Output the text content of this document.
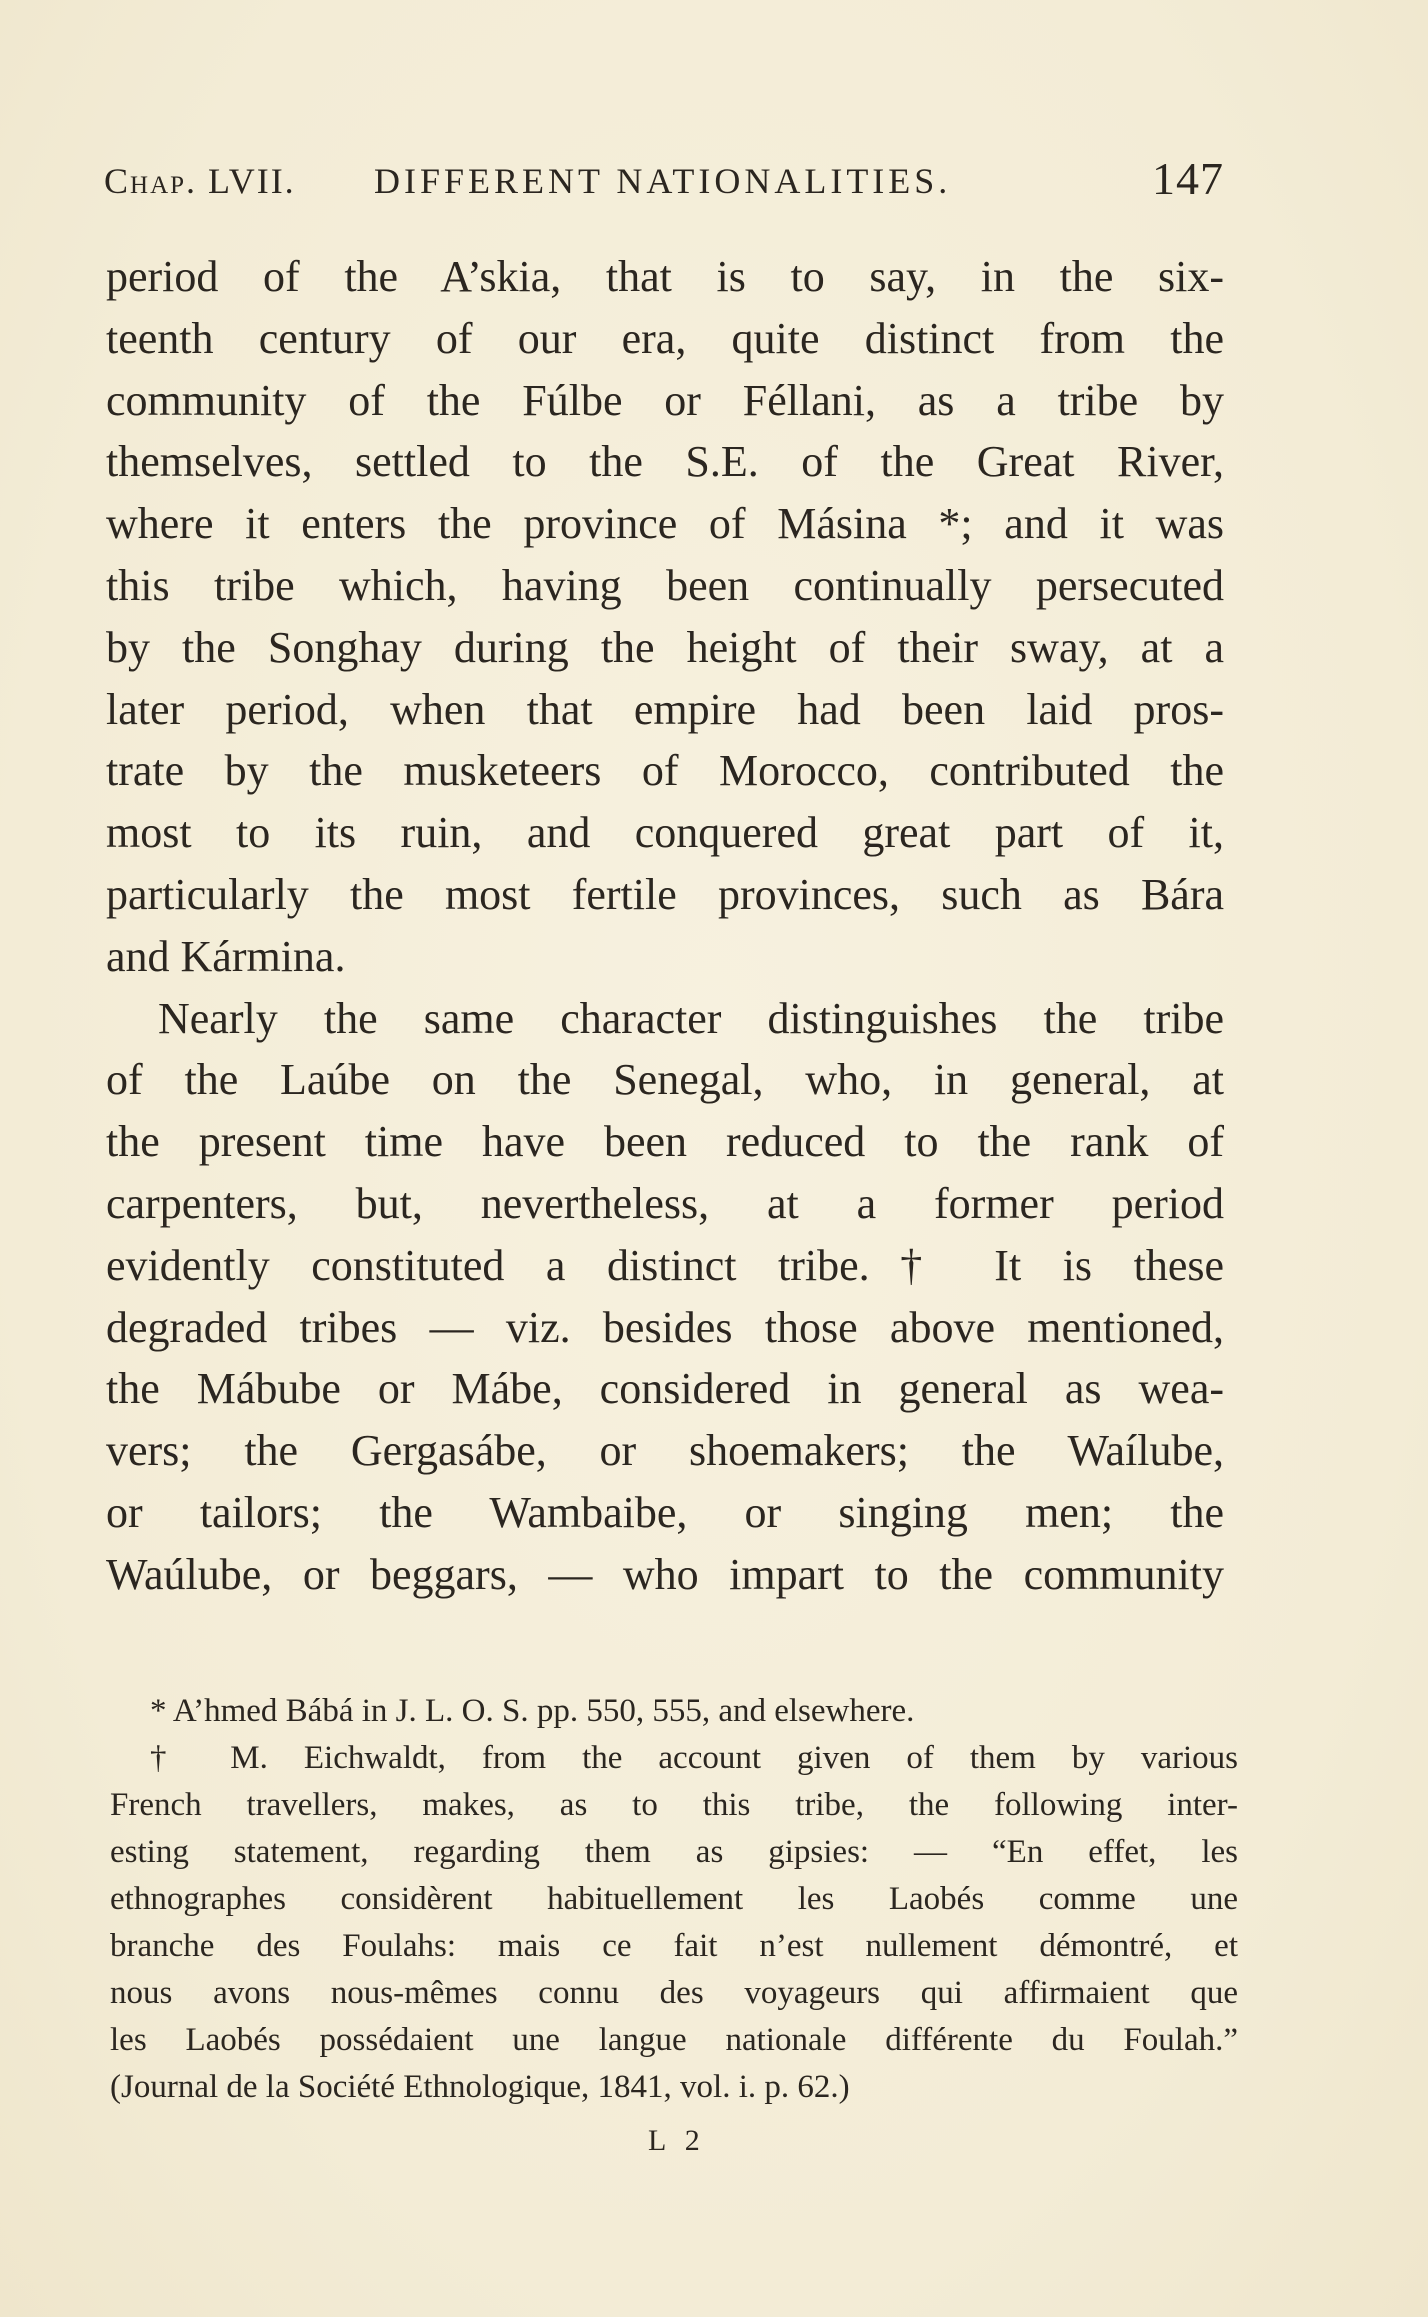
Chap. LVII. DIFFERENT NATIONALITIES.	147
period of the A’skia, that is to say, in the six-
teenth century of our era, quite distinct from the
community of the Fúlbe or Féllani, as a tribe by
themselves, settled to the S.E. of the Great River,
where it enters the province of Másina *; and it was
this tribe which, having been continually persecuted
by the Songhay during the height of their sway, at a
later period, when that empire had been laid pros-
trate by the musketeers of Morocco, contributed the
most to its ruin, and conquered great part of it,
particularly the most fertile provinces, such as Bára
and Kármina.
Nearly the same character distinguishes the tribe
of the Laúbe on the Senegal, who, in general, at
the present time have been reduced to the rank of
carpenters, but, nevertheless, at a former period
evidently constituted a distinct tribe.† It is these
degraded tribes — viz. besides those above mentioned,
the Mábube or Mábe, considered in general as wea-
vers; the Gergasábe, or shoemakers; the Waílube,
or tailors; the Wambaibe, or singing men; the
Waúlube, or beggars, — who impart to the community
* A’hmed Bábá in J. L. O. S. pp. 550, 555, and elsewhere.
† M. Eichwaldt, from the account given of them by various
French travellers, makes, as to this tribe, the following inter-
esting statement, regarding them as gipsies: — “En effet, les
ethnographes considèrent habituellement les Laobés comme une
branche des Foulahs: mais ce fait n’est nullement démontré, et
nous avons nous-mêmes connu des voyageurs qui affirmaient que
les Laobés possédaient une langue nationale différente du Foulah.”
(Journal de la Société Ethnologique, 1841, vol. i. p. 62.)
L 2
